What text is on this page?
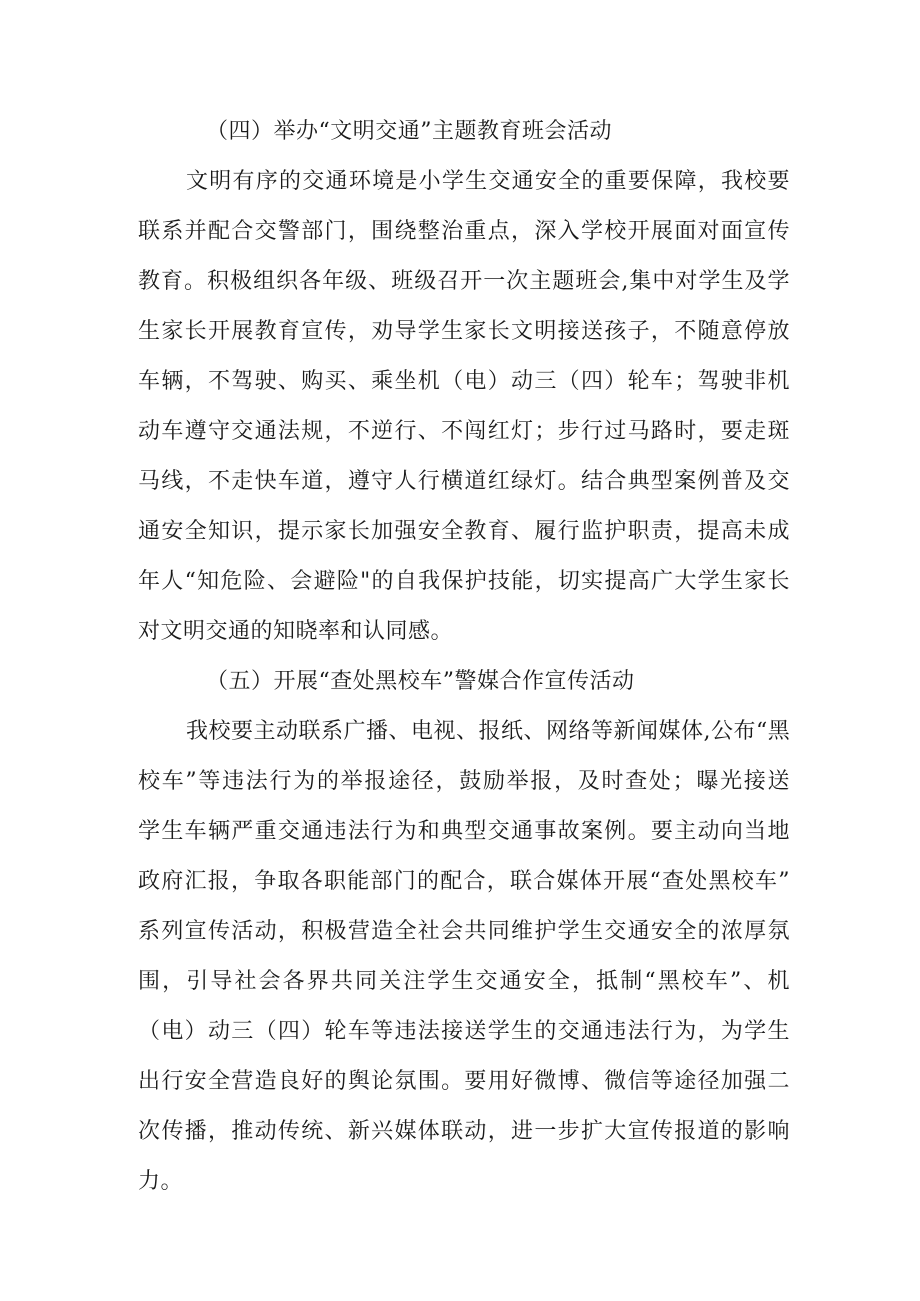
（四）举办“文明交通”主题教育班会活动
文明有序的交通环境是小学生交通安全的重要保障，我校要
联系并配合交警部门，围绕整治重点，深入学校开展面对面宣传
教育。积极组织各年级、班级召开一次主题班会,集中对学生及学
生家长开展教育宣传，劝导学生家长文明接送孩子，不随意停放
车辆，不驾驶、购买、乘坐机（电）动三（四）轮车；驾驶非机
动车遵守交通法规，不逆行、不闯红灯；步行过马路时，要走斑
马线，不走快车道，遵守人行横道红绿灯。结合典型案例普及交
通安全知识，提示家长加强安全教育、履行监护职责，提高未成
年人“知危险、会避险"的自我保护技能，切实提高广大学生家长
对文明交通的知晓率和认同感。
（五）开展“查处黑校车”警媒合作宣传活动
我校要主动联系广播、电视、报纸、网络等新闻媒体,公布“黑
校车”等违法行为的举报途径，鼓励举报，及时查处；曝光接送
学生车辆严重交通违法行为和典型交通事故案例。要主动向当地
政府汇报，争取各职能部门的配合，联合媒体开展“查处黑校车”
系列宣传活动，积极营造全社会共同维护学生交通安全的浓厚氛
围，引导社会各界共同关注学生交通安全，抵制“黑校车”、机
（电）动三（四）轮车等违法接送学生的交通违法行为，为学生
出行安全营造良好的舆论氛围。要用好微博、微信等途径加强二
次传播，推动传统、新兴媒体联动，进一步扩大宣传报道的影响
力。
